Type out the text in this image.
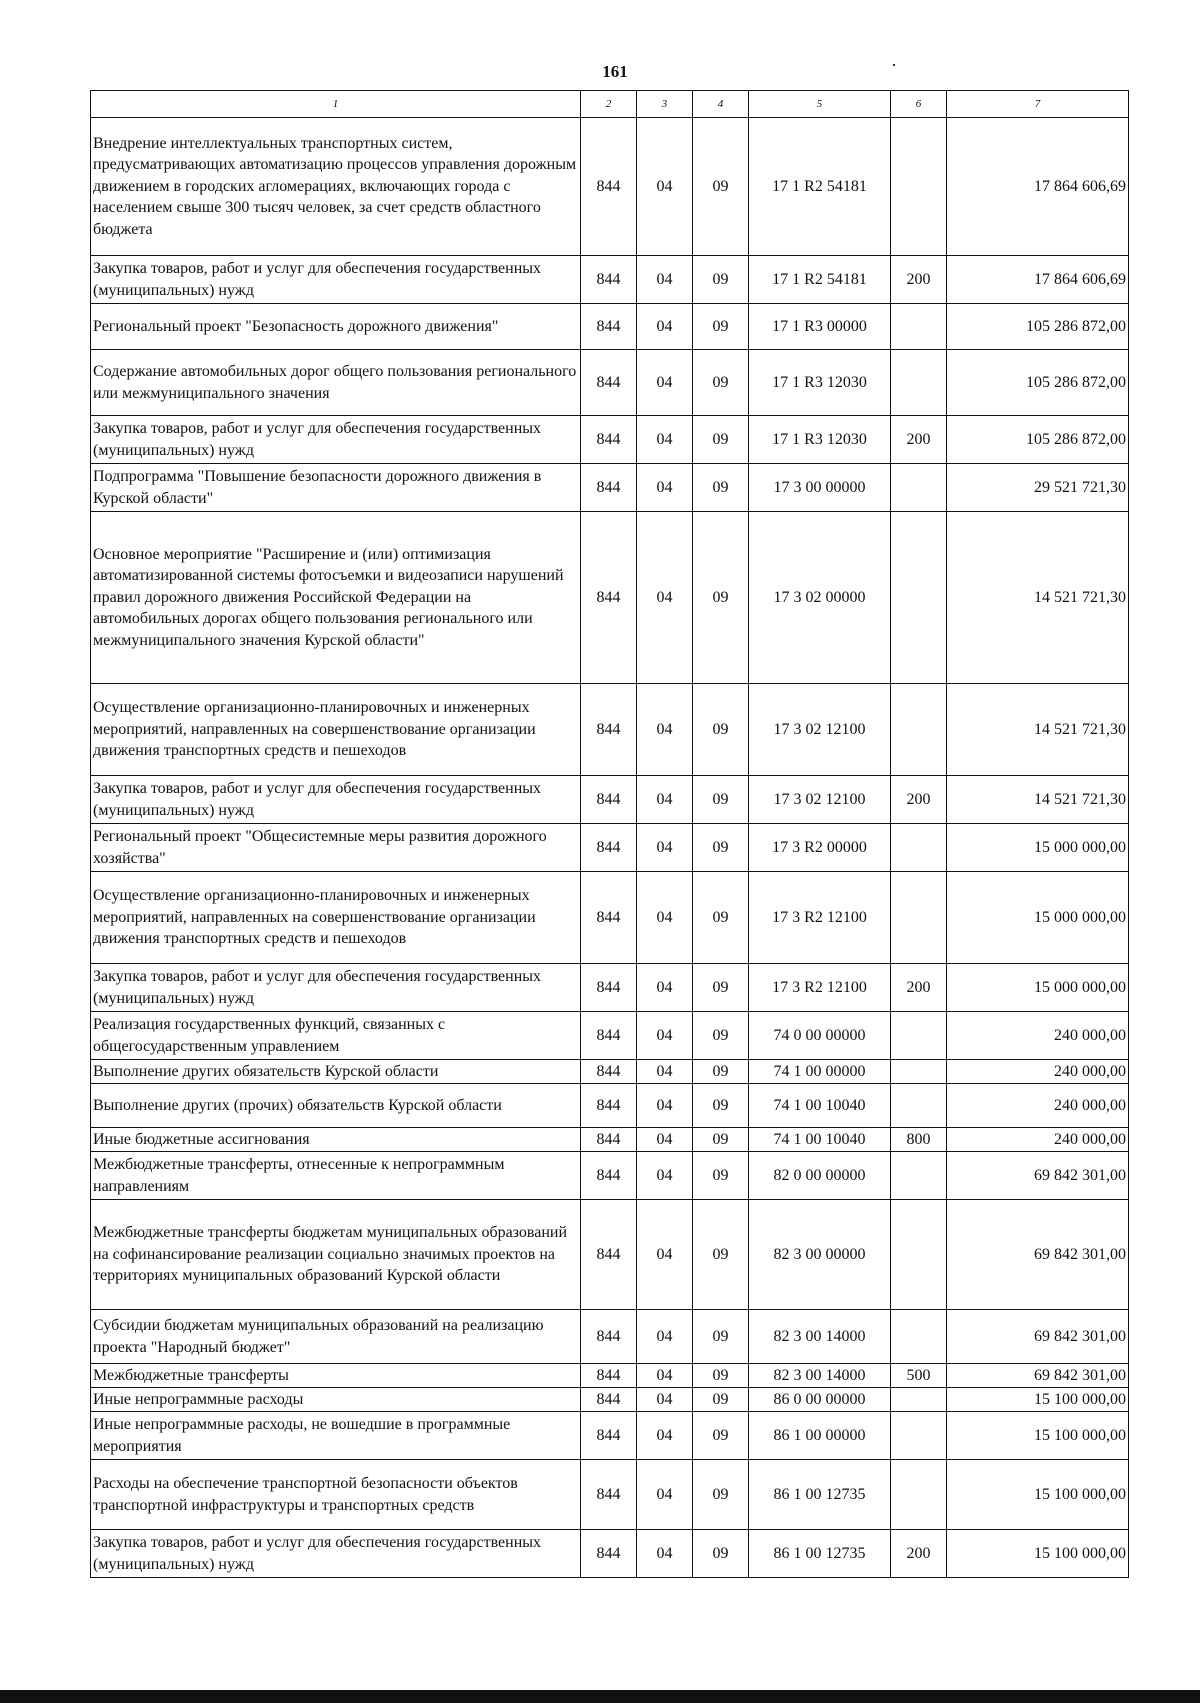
161
1	2	3	4	5	6	7
Внедрение интеллектуальных транспортных систем, предусматривающих автоматизацию процессов управления дорожным движением в городских агломерациях, включающих города с населением свыше 300 тысяч человек, за счет средств областного бюджета	844	04	09	17 1 R2 54181		17 864 606,69
Закупка товаров, работ и услуг для обеспечения государственных (муниципальных) нужд	844	04	09	17 1 R2 54181	200	17 864 606,69
Региональный проект "Безопасность дорожного движения"	844	04	09	17 1 R3 00000		105 286 872,00
Содержание автомобильных дорог общего пользования регионального или межмуниципального значения	844	04	09	17 1 R3 12030		105 286 872,00
Закупка товаров, работ и услуг для обеспечения государственных (муниципальных) нужд	844	04	09	17 1 R3 12030	200	105 286 872,00
Подпрограмма "Повышение безопасности дорожного движения в Курской области"	844	04	09	17 3 00 00000		29 521 721,30
Основное мероприятие "Расширение и (или) оптимизация автоматизированной системы фотосъемки и видеозаписи нарушений правил дорожного движения Российской Федерации на автомобильных дорогах общего пользования регионального или межмуниципального значения Курской области"	844	04	09	17 3 02 00000		14 521 721,30
Осуществление организационно-планировочных и инженерных мероприятий, направленных на совершенствование организации движения транспортных средств и пешеходов	844	04	09	17 3 02 12100		14 521 721,30
Закупка товаров, работ и услуг для обеспечения государственных (муниципальных) нужд	844	04	09	17 3 02 12100	200	14 521 721,30
Региональный проект "Общесистемные меры развития дорожного хозяйства"	844	04	09	17 3 R2 00000		15 000 000,00
Осуществление организационно-планировочных и инженерных мероприятий, направленных на совершенствование организации движения транспортных средств и пешеходов	844	04	09	17 3 R2 12100		15 000 000,00
Закупка товаров, работ и услуг для обеспечения государственных (муниципальных) нужд	844	04	09	17 3 R2 12100	200	15 000 000,00
Реализация государственных функций, связанных с общегосударственным управлением	844	04	09	74 0 00 00000		240 000,00
Выполнение других обязательств Курской области	844	04	09	74 1 00 00000		240 000,00
Выполнение других (прочих) обязательств Курской области	844	04	09	74 1 00 10040		240 000,00
Иные бюджетные ассигнования	844	04	09	74 1 00 10040	800	240 000,00
Межбюджетные трансферты, отнесенные к непрограммным направлениям	844	04	09	82 0 00 00000		69 842 301,00
Межбюджетные трансферты бюджетам муниципальных образований на софинансирование реализации социально значимых проектов на территориях муниципальных образований Курской области	844	04	09	82 3 00 00000		69 842 301,00
Субсидии бюджетам муниципальных образований на реализацию проекта "Народный бюджет"	844	04	09	82 3 00 14000		69 842 301,00
Межбюджетные трансферты	844	04	09	82 3 00 14000	500	69 842 301,00
Иные непрограммные расходы	844	04	09	86 0 00 00000		15 100 000,00
Иные непрограммные расходы, не вошедшие в программные мероприятия	844	04	09	86 1 00 00000		15 100 000,00
Расходы на обеспечение транспортной безопасности объектов транспортной инфраструктуры и транспортных средств	844	04	09	86 1 00 12735		15 100 000,00
Закупка товаров, работ и услуг для обеспечения государственных (муниципальных) нужд	844	04	09	86 1 00 12735	200	15 100 000,00
